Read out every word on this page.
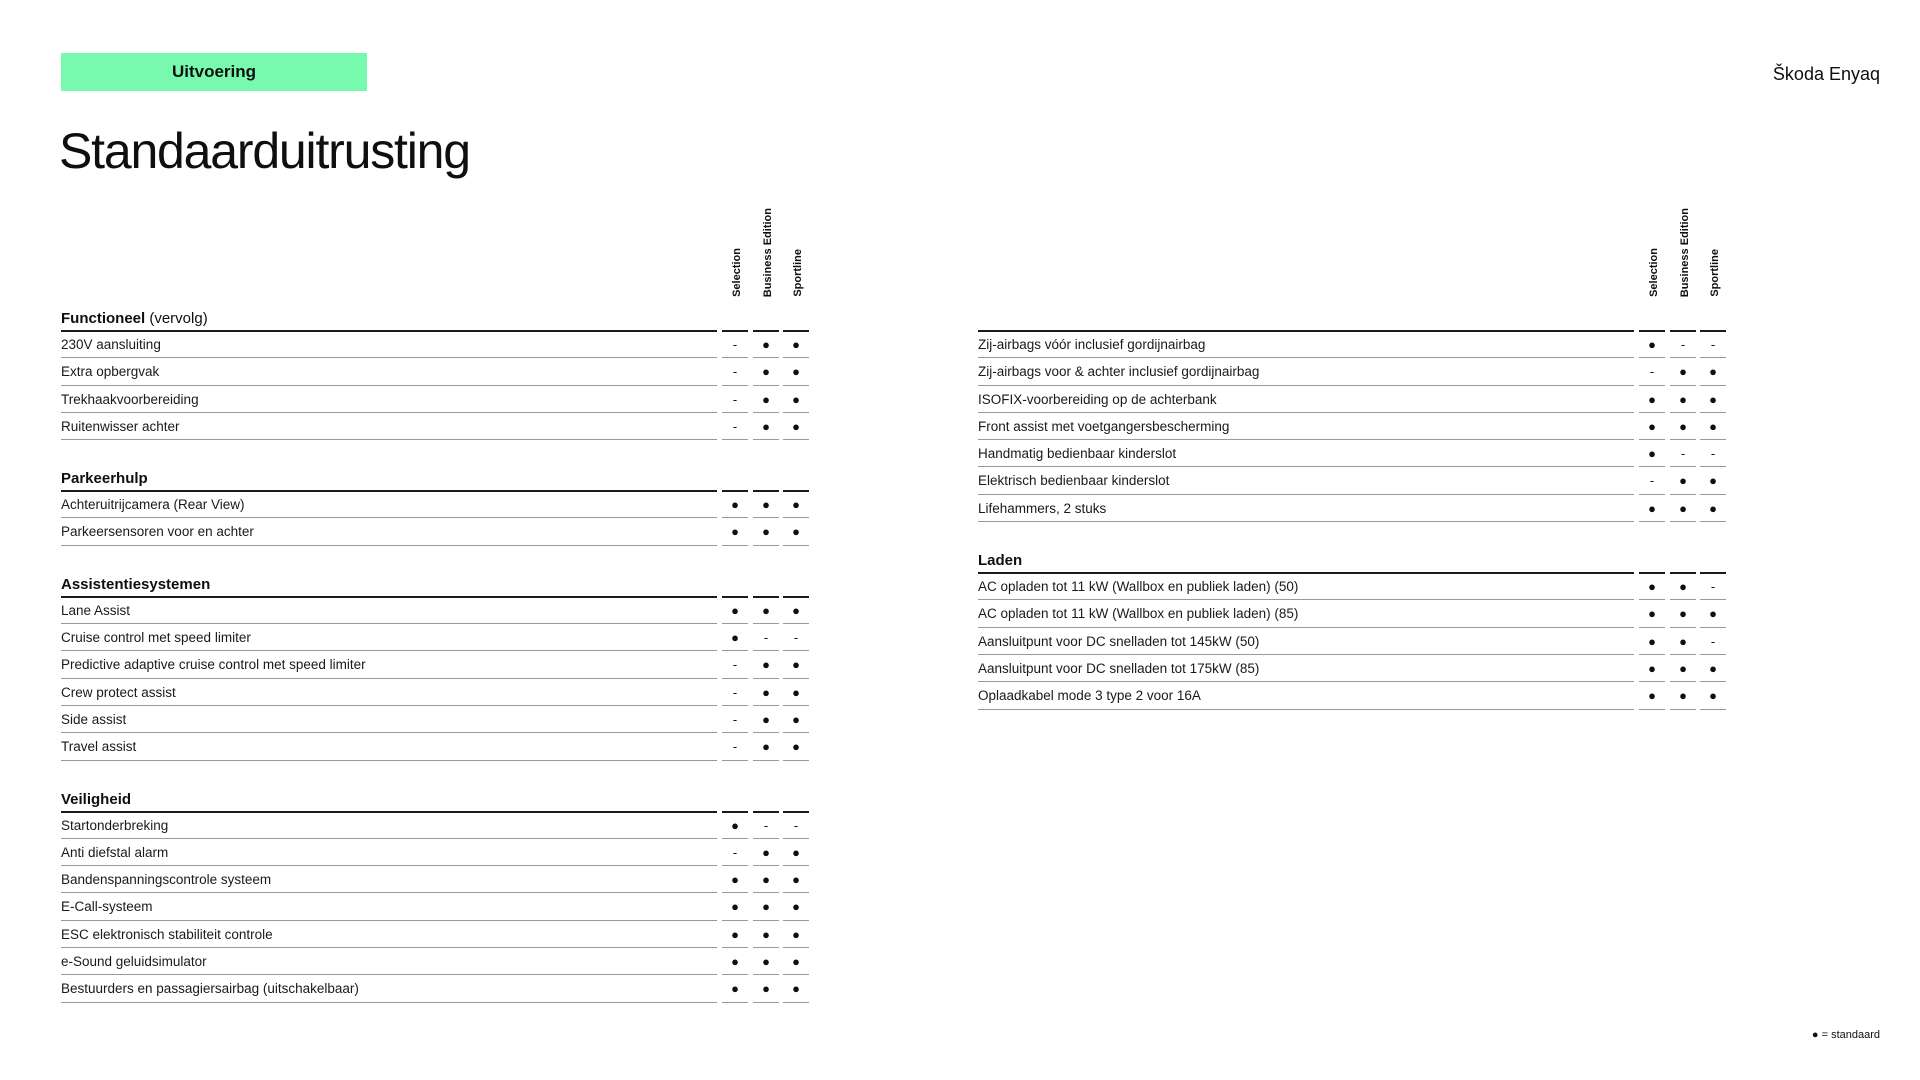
Uitvoering	Škoda Enyaq
Standaarduitrusting
Selection Business Edition Sportline
Functioneel (vervolg)
230V aansluiting	-	●	●
Extra opbergvak	-	●	●
Trekhaakvoorbereiding	-	●	●
Ruitenwisser achter	-	●	●
Parkeerhulp
Achteruitrijcamera (Rear View)	●	●	●
Parkeersensoren voor en achter	●	●	●
Assistentiesystemen
Lane Assist	●	●	●
Cruise control met speed limiter	●	-	-
Predictive adaptive cruise control met speed limiter	-	●	●
Crew protect assist	-	●	●
Side assist	-	●	●
Travel assist	-	●	●
Veiligheid
Startonderbreking	●	-	-
Anti diefstal alarm	-	●	●
Bandenspanningscontrole systeem	●	●	●
E-Call-systeem	●	●	●
ESC elektronisch stabiliteit controle	●	●	●
e-Sound geluidsimulator	●	●	●
Bestuurders en passagiersairbag (uitschakelbaar)	●	●	●
Selection Business Edition Sportline
Zij-airbags vóór inclusief gordijnairbag	●	-	-
Zij-airbags voor & achter inclusief gordijnairbag	-	●	●
ISOFIX-voorbereiding op de achterbank	●	●	●
Front assist met voetgangersbescherming	●	●	●
Handmatig bedienbaar kinderslot	●	-	-
Elektrisch bedienbaar kinderslot	-	●	●
Lifehammers, 2 stuks	●	●	●
Laden
AC opladen tot 11 kW (Wallbox en publiek laden) (50)	●	●	-
AC opladen tot 11 kW (Wallbox en publiek laden) (85)	●	●	●
Aansluitpunt voor DC snelladen tot 145kW (50)	●	●	-
Aansluitpunt voor DC snelladen tot 175kW (85)	●	●	●
Oplaadkabel mode 3 type 2 voor 16A	●	●	●
● = standaard
